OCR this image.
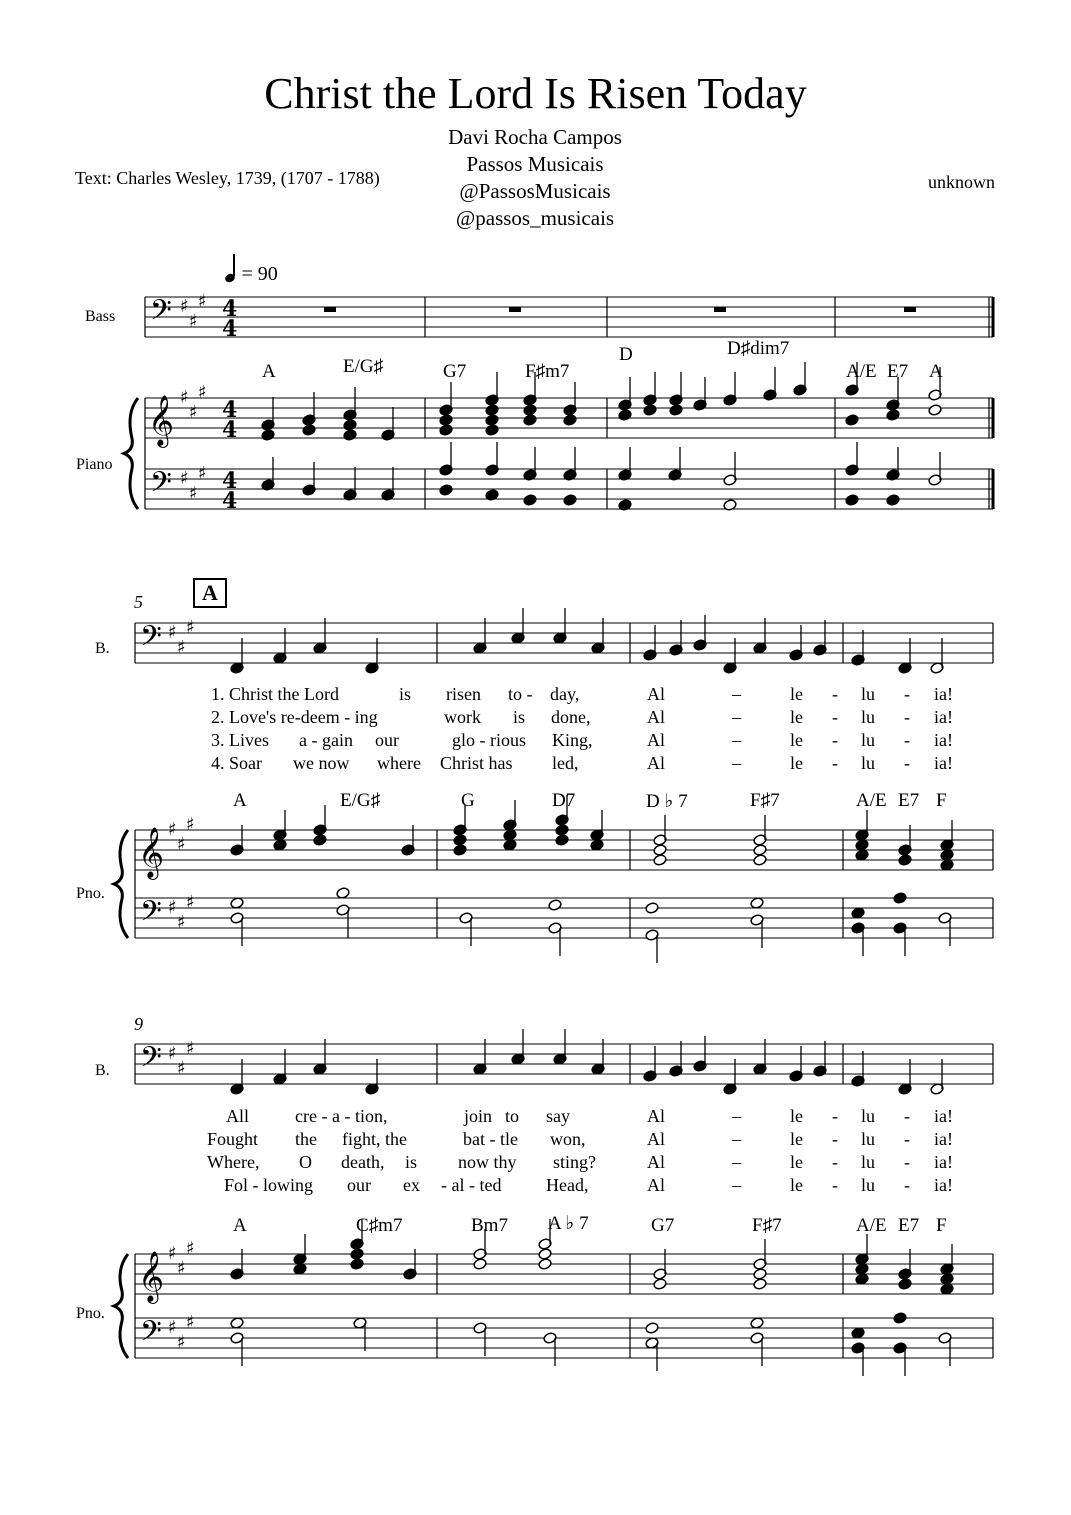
Christ the Lord Is Risen Today
Davi Rocha Campos
Passos Musicais
@PassosMusicais
@passos_musicais
Text: Charles Wesley, 1739, (1707 - 1788)	unknown
= 90
Bass
Piano
B.
Pno.
B.
Pno.
5	A
9
A	E/G♯	G7	F♯m7
D	D♯dim7
A/E E7 A
A	E/G♯	G	D7	D ♭ 7	F♯7	A/E E7 F
A	C♯m7	Bm7 A ♭ 7	G7	F♯7	A/E E7 F
1. Christ the Lord	is risen to - day,	Al	–	le - lu - ia!
2. Love's re-deem - ing	work is done,	Al	–	le - lu - ia!
3. Lives a - gain our	glo - rious King,	Al	–	le - lu - ia!
4. Soar we now where Christ has led,	Al	–	le - lu - ia!
All	cre - a - tion,	join to say	Al	–	le - lu - ia!
Fought the fight, the	bat - tle won,	Al	–	le - lu - ia!
Where, O death, is now thy sting?	Al	–	le - lu - ia!
Fol - lowing our ex - al - ted Head,	Al	–	le - lu - ia!
𝄢 ♯
♯
♯
𝄞 ♯
♯
♯
𝄢 ♯
♯
♯
4
4
4
4
4
4
𝄢 ♯
♯
♯
𝄞 ♯
♯
♯
𝄢 ♯
♯
♯
𝄢 ♯
♯
♯
𝄞 ♯
♯
♯
𝄢 ♯
♯
♯
